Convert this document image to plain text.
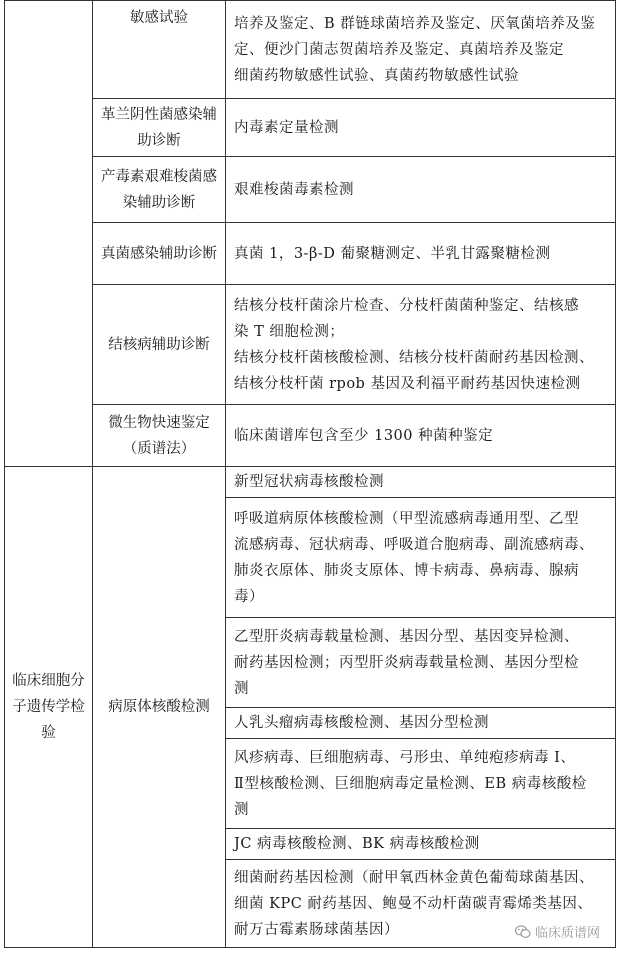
	敏感试验	培养及鉴定、B 群链球菌培养及鉴定、厌氧菌培养及鉴
定、便沙门菌志贺菌培养及鉴定、真菌培养及鉴定
细菌药物敏感性试验、真菌药物敏感性试验

	革兰阴性菌感染辅助诊断	内毒素定量检测

	产毒素艰难梭菌感染辅助诊断	艰难梭菌毒素检测

	真菌感染辅助诊断	真菌 1，3-β-D 葡聚糖测定、半乳甘露聚糖检测

	结核病辅助诊断	结核分枝杆菌涂片检查、分枝杆菌菌种鉴定、结核感
染 T 细胞检测；
结核分枝杆菌核酸检测、结核分枝杆菌耐药基因检测、
结核分枝杆菌 rpob 基因及利福平耐药基因快速检测

	微生物快速鉴定（质谱法）	临床菌谱库包含至少 1300 种菌种鉴定

临床细胞分子遗传学检验	病原体核酸检测	新型冠状病毒核酸检测

		呼吸道病原体核酸检测（甲型流感病毒通用型、乙型
流感病毒、冠状病毒、呼吸道合胞病毒、副流感病毒、
肺炎衣原体、肺炎支原体、博卡病毒、鼻病毒、腺病
毒）

		乙型肝炎病毒载量检测、基因分型、基因变异检测、
耐药基因检测；丙型肝炎病毒载量检测、基因分型检
测

		人乳头瘤病毒核酸检测、基因分型检测

		风疹病毒、巨细胞病毒、弓形虫、单纯疱疹病毒 Ⅰ、
Ⅱ型核酸检测、巨细胞病毒定量检测、EB 病毒核酸检
测

		JC 病毒核酸检测、BK 病毒核酸检测

		细菌耐药基因检测（耐甲氧西林金黄色葡萄球菌基因、
细菌 KPC 耐药基因、鲍曼不动杆菌碳青霉烯类基因、
耐万古霉素肠球菌基因）	临床质谱网
